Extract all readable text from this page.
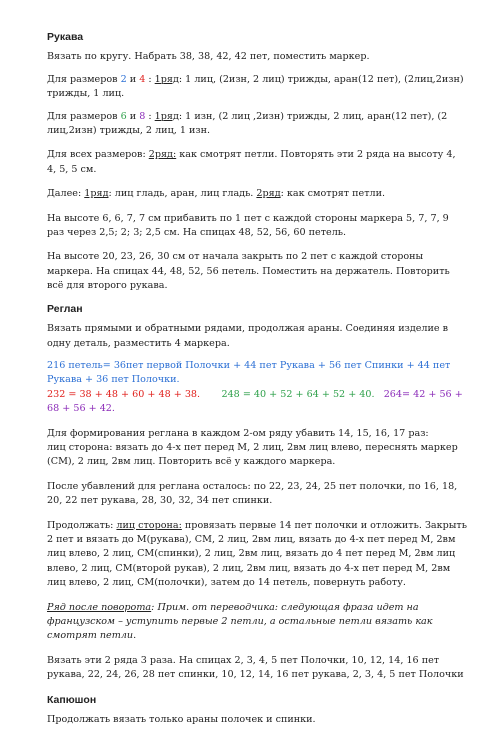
Рукава

Вязать по кругу. Набрать 38, 38, 42, 42 пет, поместить маркер.

Для размеров 2 и 4 : 1ряд: 1 лиц, (2изн, 2 лиц) трижды, аран(12 пет), (2лиц,2изн) трижды, 1 лиц.

Для размеров 6 и 8 : 1ряд: 1 изн, (2 лиц ,2изн) трижды, 2 лиц, аран(12 пет), (2 лиц,2изн) трижды, 2 лиц, 1 изн.

Для всех размеров: 2ряд: как смотрят петли. Повторять эти 2 ряда на высоту 4, 4, 5, 5 см.

Далее: 1ряд: лиц гладь, аран, лиц гладь. 2ряд: как смотрят петли.

На высоте 6, 6, 7, 7 см прибавить по 1 пет с каждой стороны маркера 5, 7, 7, 9 раз через 2,5; 2; 3; 2,5 см. На спицах 48, 52, 56, 60 петель.

На высоте 20, 23, 26, 30 см от начала закрыть по 2 пет с каждой стороны маркера. На спицах 44, 48, 52, 56 петель. Поместить на держатель. Повторить всё для второго рукава.

Реглан

Вязать прямыми и обратными рядами, продолжая араны. Соединяя изделие в одну деталь, разместить 4 маркера.

216 петель= 36пет первой Полочки + 44 пет Рукава + 56 пет Спинки + 44 пет Рукава + 36 пет Полочки.

232 = 38 + 48 + 60 + 48 + 38. 248 = 40 + 52 + 64 + 52 + 40. 264= 42 + 56 + 68 + 56 + 42.

Для формирования реглана в каждом 2-ом ряду убавить 14, 15, 16, 17 раз:
лиц сторона: вязать до 4-х пет перед М, 2 лиц, 2вм лиц влево, переснять маркер (СМ), 2 лиц, 2вм лиц. Повторить всё у каждого маркера.

После убавлений для реглана осталось: по 22, 23, 24, 25 пет полочки, по 16, 18, 20, 22 пет рукава, 28, 30, 32, 34 пет спинки.

Продолжать: лиц сторона: провязать первые 14 пет полочки и отложить. Закрыть 2 пет и вязать до М(рукава), СМ, 2 лиц, 2вм лиц, вязать до 4-х пет перед М, 2вм лиц влево, 2 лиц, СМ(спинки), 2 лиц, 2вм лиц, вязать до 4 пет перед М, 2вм лиц влево, 2 лиц, СМ(второй рукав), 2 лиц, 2вм лиц, вязать до 4-х пет перед М, 2вм лиц влево, 2 лиц, СМ(полочки), затем до 14 петель, повернуть работу.

Ряд после поворота: Прим. от переводчика: следующая фраза идет на французском – уступить первые 2 петли, а остальные петли вязать как смотрят петли.

Вязать эти 2 ряда 3 раза. На спицах 2, 3, 4, 5 пет Полочки, 10, 12, 14, 16 пет рукава, 22, 24, 26, 28 пет спинки, 10, 12, 14, 16 пет рукава, 2, 3, 4, 5 пет Полочки

Капюшон

Продолжать вязать только араны полочек и спинки.
